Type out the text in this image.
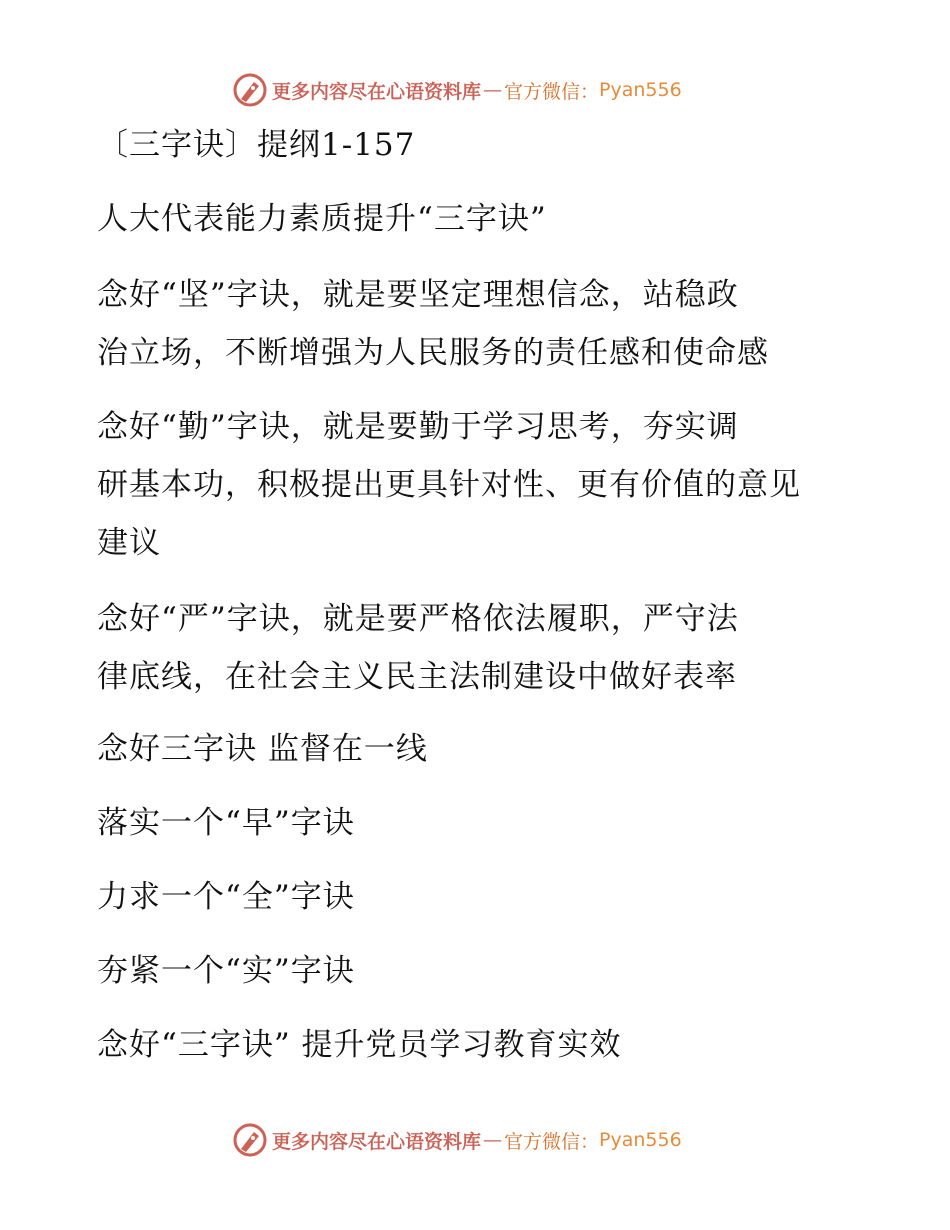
更多内容尽在心语资料库 — 官方微信： Pyan556
〔三字诀〕提纲1-157
人大代表能力素质提升“三字诀”
念好“坚”字诀，就是要坚定理想信念，站稳政
治立场，不断增强为人民服务的责任感和使命感
念好“勤”字诀，就是要勤于学习思考，夯实调
研基本功，积极提出更具针对性、更有价值的意见
建议
念好“严”字诀，就是要严格依法履职，严守法
律底线，在社会主义民主法制建设中做好表率
念好三字诀 监督在一线
落实一个“早”字诀
力求一个“全”字诀
夯紧一个“实”字诀
念好“三字诀” 提升党员学习教育实效
更多内容尽在心语资料库 — 官方微信： Pyan556
